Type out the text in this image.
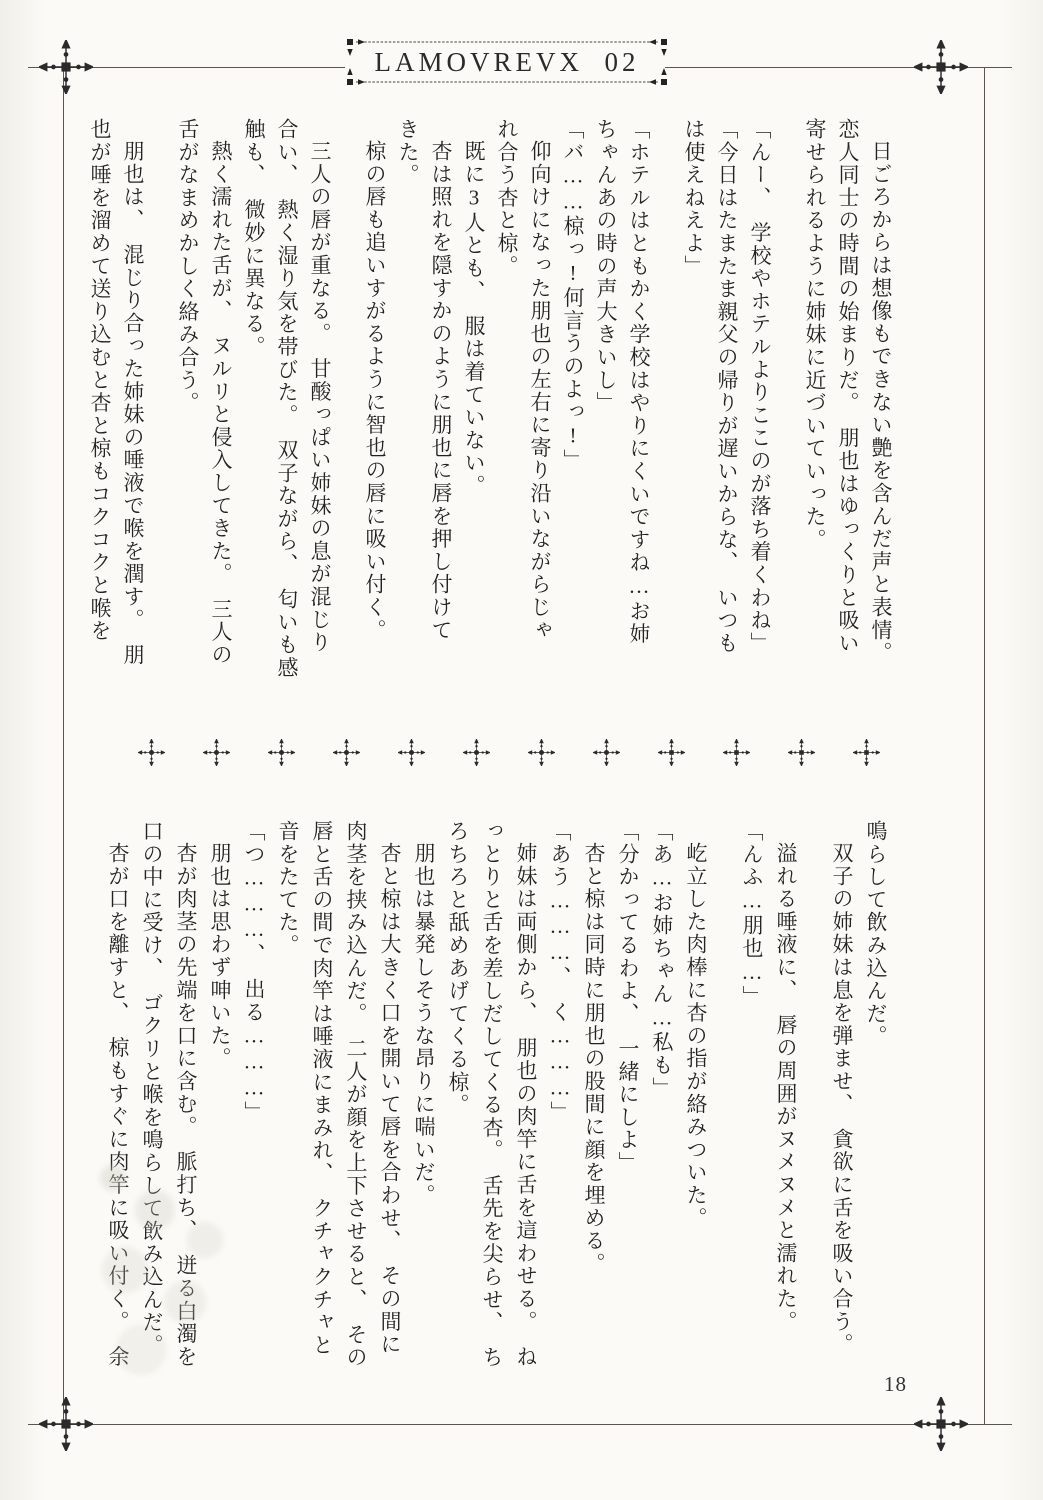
LAMOVREVX  02
日ごろからは想像もできない艶を含んだ声と表情。
恋人同士の時間の始まりだ。　朋也はゆっくりと吸い
寄せられるように姉妹に近づいていった。
「んー、　学校やホテルよりここのが落ち着くわね」
「今日はたまたま親父の帰りが遅いからな、　いつも
は使えねえよ」
「ホテルはともかく学校はやりにくいですね…お姉
ちゃんあの時の声大きいし」
「バ……椋っ!何言うのよっ!」
仰向けになった朋也の左右に寄り沿いながらじゃ
れ合う杏と椋。
既に3人とも、　服は着ていない。
杏は照れを隠すかのように朋也に唇を押し付けて
きた。
椋の唇も追いすがるように智也の唇に吸い付く。
三人の唇が重なる。　甘酸っぱい姉妹の息が混じり
合い、　熱く湿り気を帯びた。　双子ながら、　匂いも感
触も、　微妙に異なる。
熱く濡れた舌が、　ヌルリと侵入してきた。　三人の
舌がなまめかしく絡み合う。
朋也は、　混じり合った姉妹の唾液で喉を潤す。　朋
也が唾を溜めて送り込むと杏と椋もコクコクと喉を
鳴らして飲み込んだ。
双子の姉妹は息を弾ませ、　貪欲に舌を吸い合う。
溢れる唾液に、　唇の周囲がヌメヌメと濡れた。
「んふ…朋也…」
屹立した肉棒に杏の指が絡みついた。
「あ…お姉ちゃん…私も」
「分かってるわよ、　一緒にしよ」
杏と椋は同時に朋也の股間に顔を埋める。
「あう………、　く………」
姉妹は両側から、　朋也の肉竿に舌を這わせる。　ね
っとりと舌を差しだしてくる杏。　舌先を尖らせ、　ち
ろちろと舐めあげてくる椋。
朋也は暴発しそうな昂りに喘いだ。
杏と椋は大きく口を開いて唇を合わせ、　その間に
肉茎を挟み込んだ。　二人が顔を上下させると、　その
唇と舌の間で肉竿は唾液にまみれ、　クチャクチャと
音をたてた。
「つ………、　出る………」
朋也は思わず呻いた。
杏が肉茎の先端を口に含む。　脈打ち、　迸る白濁を
口の中に受け、　ゴクリと喉を鳴らして飲み込んだ。
杏が口を離すと、　椋もすぐに肉竿に吸い付く。　余
18
